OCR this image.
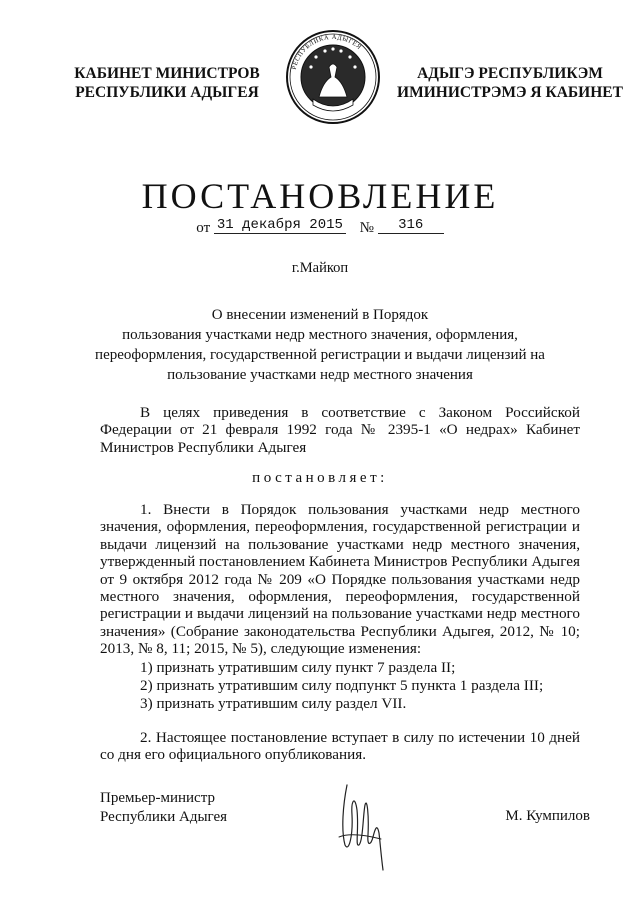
КАБИНЕТ МИНИСТРОВ
РЕСПУБЛИКИ АДЫГЕЯ
РЕСПУБЛИКА АДЫГЕЯ
АДЫГЭ РЕСПУБЛИКЭМ
ИМИНИСТРЭМЭ Я КАБИНЕТ
ПОСТАНОВЛЕНИЕ
от 31 декабря 2015 № 316
г.Майкоп
О внесении изменений в Порядок
пользования участками недр местного значения, оформления,
переоформления, государственной регистрации и выдачи лицензий на
пользование участками недр местного значения
В целях приведения в соответствие с Законом Российской Федерации от 21 февраля 1992 года № 2395-1 «О недрах» Кабинет Министров Республики Адыгея
постановляет:
1. Внести в Порядок пользования участками недр местного значения, оформления, переоформления, государственной регистрации и выдачи лицензий на пользование участками недр местного значения, утвержденный постановлением Кабинета Министров Республики Адыгея от 9 октября 2012 года № 209 «О Порядке пользования участками недр местного значения, оформления, переоформления, государственной регистрации и выдачи лицензий на пользование участками недр местного значения» (Собрание законодательства Республики Адыгея, 2012, № 10; 2013, № 8, 11; 2015, № 5), следующие изменения:
1) признать утратившим силу пункт 7 раздела II;
2) признать утратившим силу подпункт 5 пункта 1 раздела III;
3) признать утратившим силу раздел VII.
2. Настоящее постановление вступает в силу по истечении 10 дней со дня его официального опубликования.
Премьер-министр
Республики Адыгея	М. Кумпилов
